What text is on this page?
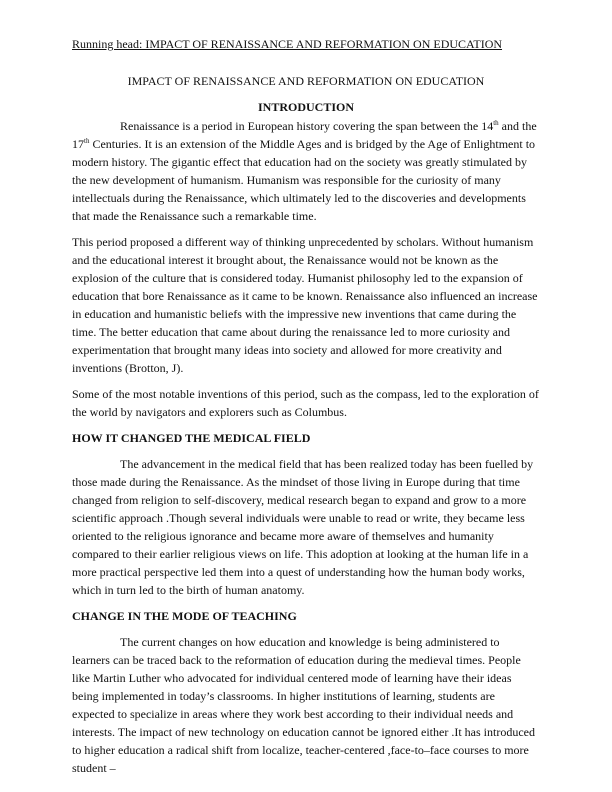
Running head: IMPACT OF RENAISSANCE AND REFORMATION ON EDUCATION

IMPACT OF RENAISSANCE AND REFORMATION ON EDUCATION

INTRODUCTION

Renaissance is a period in European history covering the span between the 14th and the 17th Centuries. It is an extension of the Middle Ages and is bridged by the Age of Enlightment to modern history. The gigantic effect that education had on the society was greatly stimulated by the new development of humanism. Humanism was responsible for the curiosity of many intellectuals during the Renaissance, which ultimately led to the discoveries and developments that made the Renaissance such a remarkable time.

This period proposed a different way of thinking unprecedented by scholars. Without humanism and the educational interest it brought about, the Renaissance would not be known as the explosion of the culture that is considered today. Humanist philosophy led to the expansion of education that bore Renaissance as it came to be known. Renaissance also influenced an increase in education and humanistic beliefs with the impressive new inventions that came during the time. The better education that came about during the renaissance led to more curiosity and experimentation that brought many ideas into society and allowed for more creativity and inventions (Brotton, J).

Some of the most notable inventions of this period, such as the compass, led to the exploration of the world by navigators and explorers such as Columbus.

HOW IT CHANGED THE MEDICAL FIELD

The advancement in the medical field that has been realized today has been fuelled by those made during the Renaissance. As the mindset of those living in Europe during that time changed from religion to self-discovery, medical research began to expand and grow to a more scientific approach .Though several individuals were unable to read or write, they became less oriented to the religious ignorance and became more aware of themselves and humanity compared to their earlier religious views on life. This adoption at looking at the human life in a more practical perspective led them into a quest of understanding how the human body works, which in turn led to the birth of human anatomy.

CHANGE IN THE MODE OF TEACHING

The current changes on how education and knowledge is being administered to learners can be traced back to the reformation of education during the medieval times. People like Martin Luther who advocated for individual centered mode of learning have their ideas being implemented in today’s classrooms. In higher institutions of learning, students are expected to specialize in areas where they work best according to their individual needs and interests. The impact of new technology on education cannot be ignored either .It has introduced to higher education a radical shift from localize, teacher-centered ,face-to–face courses to more student –
